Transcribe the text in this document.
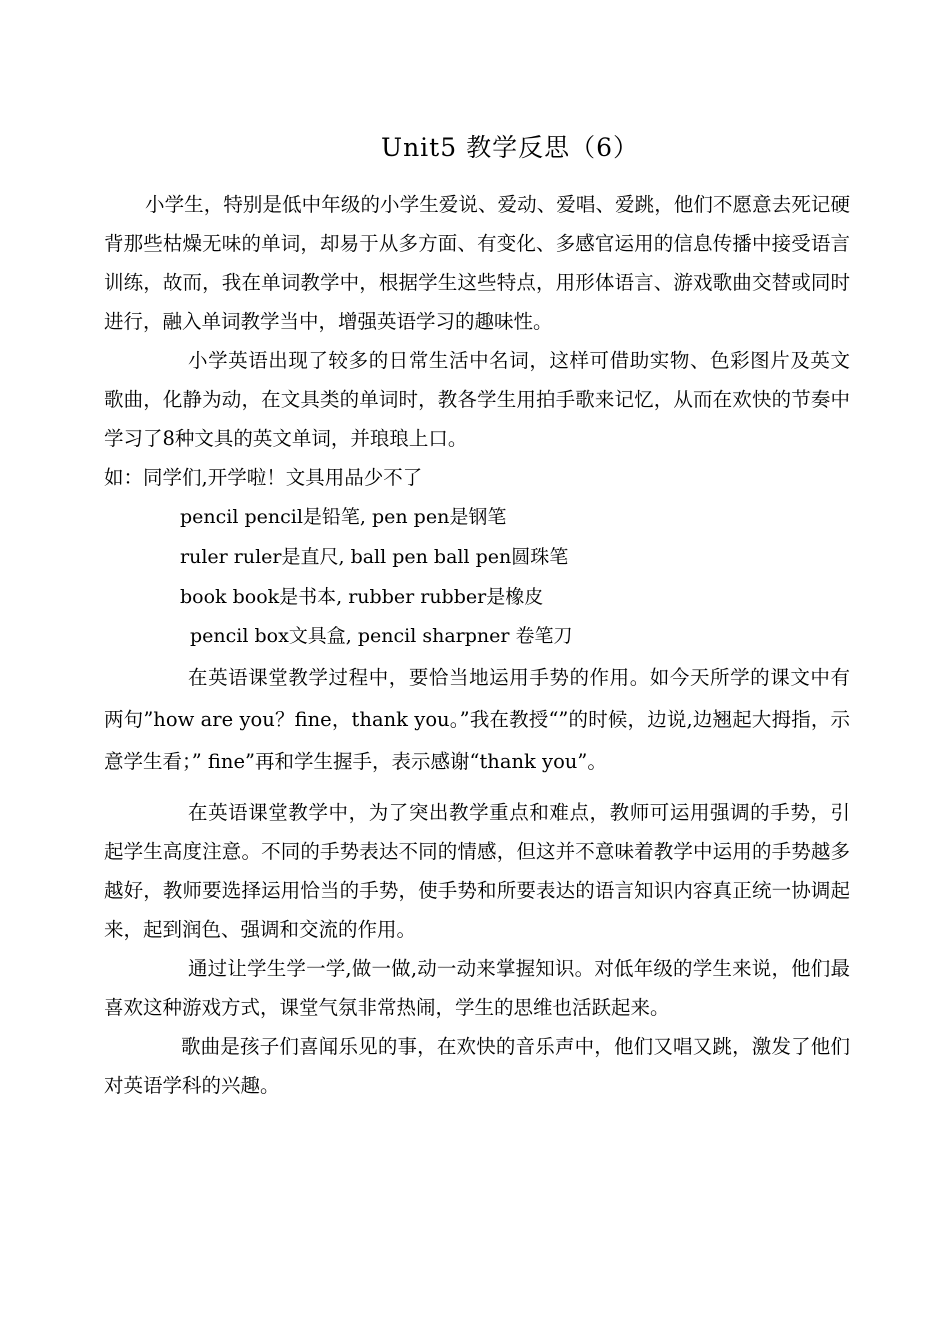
Unit5 教学反思（6）

小学生，特别是低中年级的小学生爱说、爱动、爱唱、爱跳，他们不愿意去死记硬背那些枯燥无味的单词，却易于从多方面、有变化、多感官运用的信息传播中接受语言训练，故而，我在单词教学中，根据学生这些特点，用形体语言、游戏歌曲交替或同时进行，融入单词教学当中，增强英语学习的趣味性。

小学英语出现了较多的日常生活中名词，这样可借助实物、色彩图片及英文歌曲，化静为动，在文具类的单词时，教各学生用拍手歌来记忆，从而在欢快的节奏中学习了8种文具的英文单词，并琅琅上口。

如：同学们,开学啦！文具用品少不了

pencil pencil是铅笔, pen pen是钢笔

ruler ruler是直尺, ball pen ball pen圆珠笔

book book是书本, rubber rubber是橡皮

pencil box文具盒, pencil sharpner 卷笔刀

在英语课堂教学过程中，要恰当地运用手势的作用。如今天所学的课文中有两句”how are you？fine，thank you。”我在教授“”的时候，边说,边翘起大拇指，示意学生看；” fine”再和学生握手，表示感谢“thank you”。

在英语课堂教学中，为了突出教学重点和难点，教师可运用强调的手势，引起学生高度注意。不同的手势表达不同的情感，但这并不意味着教学中运用的手势越多越好，教师要选择运用恰当的手势，使手势和所要表达的语言知识内容真正统一协调起来，起到润色、强调和交流的作用。

通过让学生学一学,做一做,动一动来掌握知识。对低年级的学生来说，他们最喜欢这种游戏方式，课堂气氛非常热闹，学生的思维也活跃起来。

歌曲是孩子们喜闻乐见的事，在欢快的音乐声中，他们又唱又跳，激发了他们对英语学科的兴趣。
